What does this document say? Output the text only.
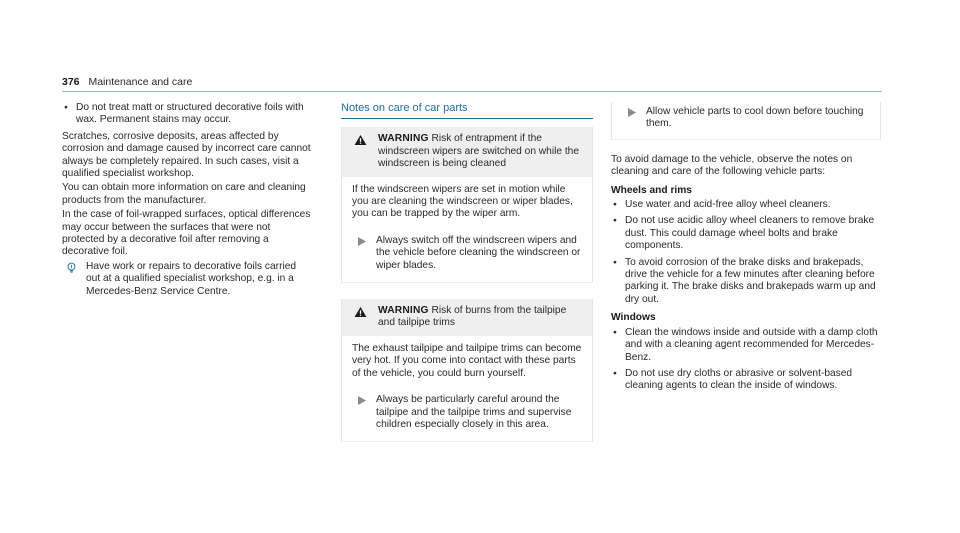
376 Maintenance and care
● Do not treat matt or structured decorative foils with wax. Permanent stains may occur.
Scratches, corrosive deposits, areas affected by corrosion and damage caused by incorrect care cannot always be completely repaired. In such cases, visit a qualified specialist workshop.
You can obtain more information on care and cleaning products from the manufacturer.
In the case of foil-wrapped surfaces, optical differences may occur between the surfaces that were not protected by a decorative foil after removing a decorative foil.
Have work or repairs to decorative foils carried out at a qualified specialist workshop, e.g. in a Mercedes-Benz Service Centre.
Notes on care of car parts
WARNING Risk of entrapment if the windscreen wipers are switched on while the windscreen is being cleaned
If the windscreen wipers are set in motion while you are cleaning the windscreen or wiper blades, you can be trapped by the wiper arm.
Always switch off the windscreen wipers and the vehicle before cleaning the windscreen or wiper blades.
WARNING Risk of burns from the tailpipe and tailpipe trims
The exhaust tailpipe and tailpipe trims can become very hot. If you come into contact with these parts of the vehicle, you could burn yourself.
Always be particularly careful around the tailpipe and the tailpipe trims and supervise children especially closely in this area.
Allow vehicle parts to cool down before touching them.
To avoid damage to the vehicle, observe the notes on cleaning and care of the following vehicle parts:
Wheels and rims
● Use water and acid-free alloy wheel cleaners.
● Do not use acidic alloy wheel cleaners to remove brake dust. This could damage wheel bolts and brake components.
● To avoid corrosion of the brake disks and brakepads, drive the vehicle for a few minutes after cleaning before parking it. The brake disks and brakepads warm up and dry out.
Windows
● Clean the windows inside and outside with a damp cloth and with a cleaning agent recommended for Mercedes-Benz.
● Do not use dry cloths or abrasive or solvent-based cleaning agents to clean the inside of windows.
